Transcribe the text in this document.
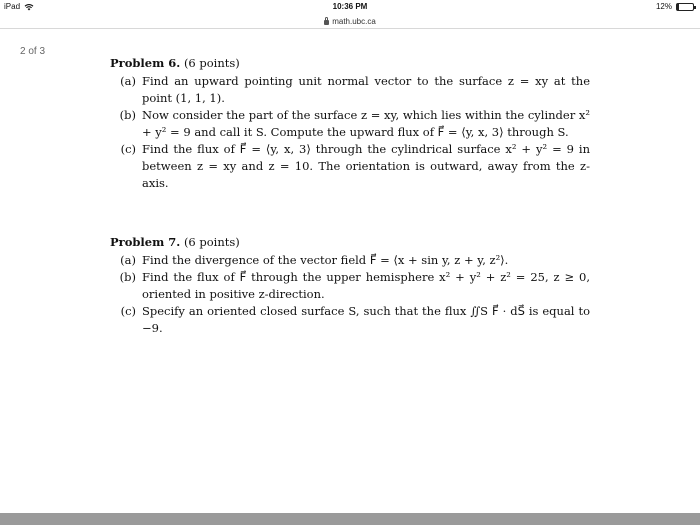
iPad	10:36 PM	12%
math.ubc.ca
2 of 3
Problem 6. (6 points)
(a) Find an upward pointing unit normal vector to the surface z = xy at the point (1, 1, 1).
(b) Now consider the part of the surface z = xy, which lies within the cylinder x² + y² = 9 and call it S. Compute the upward flux of F⃗ = ⟨y, x, 3⟩ through S.
(c) Find the flux of F⃗ = ⟨y, x, 3⟩ through the cylindrical surface x² + y² = 9 in between z = xy and z = 10. The orientation is outward, away from the z-axis.
Problem 7. (6 points)
(a) Find the divergence of the vector field F⃗ = ⟨x + sin y, z + y, z²⟩.
(b) Find the flux of F⃗ through the upper hemisphere x² + y² + z² = 25, z ≥ 0, oriented in positive z-direction.
(c) Specify an oriented closed surface S, such that the flux ∬S F⃗ · dS⃗ is equal to −9.
